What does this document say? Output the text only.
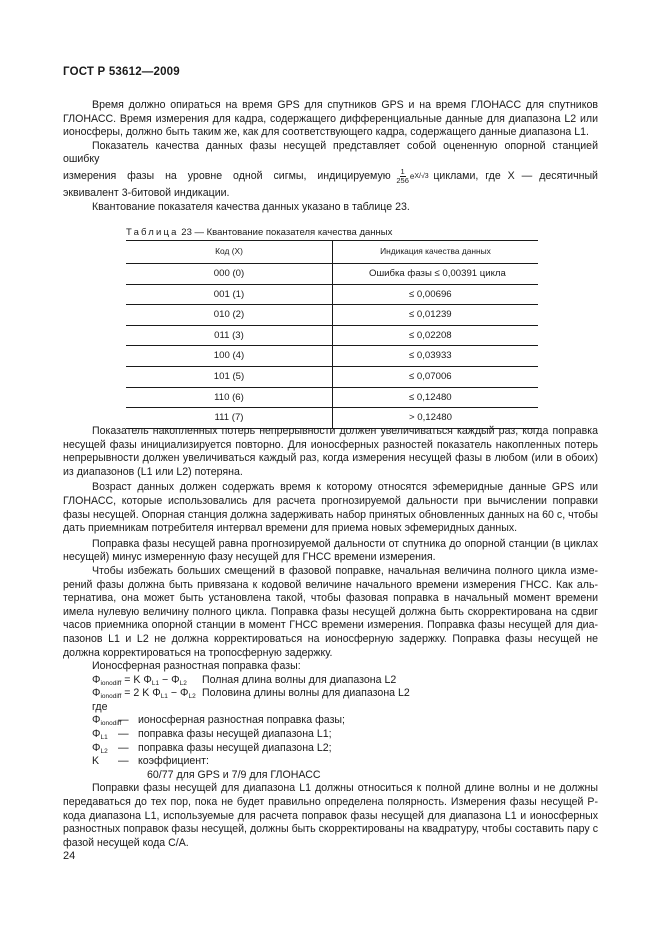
ГОСТ Р 53612—2009

Время должно опираться на время GPS для спутников GPS и на время ГЛОНАСС для спутников ГЛОНАСС. Время измерения для кадра, содержащего дифференциальные данные для диапазона L2 или ионосферы, должно быть таким же, как для соответствующего кадра, содержащего данные диапазона L1.

Показатель качества данных фазы несущей представляет собой оцененную опорной станцией ошибку

измерения фазы на уровне одной сигмы, индицируемую $\frac{1}{256}$ e X/√3 циклами, где X — десятичный

эквивалент 3-битовой индикации.

Квантование показателя качества данных указано в таблице 23.

Таблица 23 — Квантование показателя качества данных
Код (X)	Индикация качества данных
000 (0)	Ошибка фазы ≤ 0,00391 цикла
001 (1)	≤ 0,00696
010 (2)	≤ 0,01239
011 (3)	≤ 0,02208
100 (4)	≤ 0,03933
101 (5)	≤ 0,07006
110 (6)	≤ 0,12480
111 (7)	> 0,12480

Показатель накопленных потерь непрерывности должен увеличиваться каждый раз, когда поправка несущей фазы инициализируется повторно. Для ионосферных разностей показатель накопленных потерь непрерывности должен увеличиваться каждый раз, когда измерения несущей фазы в любом (или в обоих) из диапазонов (L1 или L2) потеряна.

Возраст данных должен содержать время к которому относятся эфемеридные данные GPS или ГЛОНАСС, которые использовались для расчета прогнозируемой дальности при вычислении поправки фазы несущей. Опорная станция должна задерживать набор принятых обновленных данных на 60 с, чтобы дать приемникам потребителя интервал времени для приема новых эфемеридных данных.

Поправка фазы несущей равна прогнозируемой дальности от спутника до опорной станции (в циклах несущей) минус измеренную фазу несущей для ГНСС времени измерения.

Чтобы избежать больших смещений в фазовой поправке, начальная величина полного цикла измерений фазы должна быть привязана к кодовой величине начального времени измерения ГНСС. Как альтернатива, она может быть установлена такой, чтобы фазовая поправка в начальный момент времени имела нулевую величину полного цикла. Поправка фазы несущей должна быть скорректирована на сдвиг часов приемника опорной станции в момент ГНСС времени измерения. Поправка фазы несущей для диапазонов L1 и L2 не должна корректироваться на ионосферную задержку. Поправка фазы несущей не должна корректироваться на тропосферную задержку.

Ионосферная разностная поправка фазы:

$\Phi_{ionodiff} = K$ $\Phi_{L1} - \Phi_{L2}$	Полная длина волны для диапазона L2
$\Phi_{ionodiff} = 2$ K $\Phi_{L1} - \Phi_{L2}$ Половина длины волны для диапазона L2

где

$\Phi_{ionodiff}$
— ионосферная разностная поправка фазы;
$\Phi_{L1}$ — поправка фазы несущей диапазона L1;
$\Phi_{L2}$ — поправка фазы несущей диапазона L2;
K	— коэффициент:

60/77 для GPS и 7/9 для ГЛОНАСС

Поправки фазы несущей для диапазона L1 должны относиться к полной длине волны и не должны передаваться до тех пор, пока не будет правильно определена полярность. Измерения фазы несущей P-кода диапазона L1, используемые для расчета поправок фазы несущей для диапазона L1 и ионосферных разностных поправок фазы несущей, должны быть скорректированы на квадратуру, чтобы составить пару с фазой несущей кода C/A.

24
